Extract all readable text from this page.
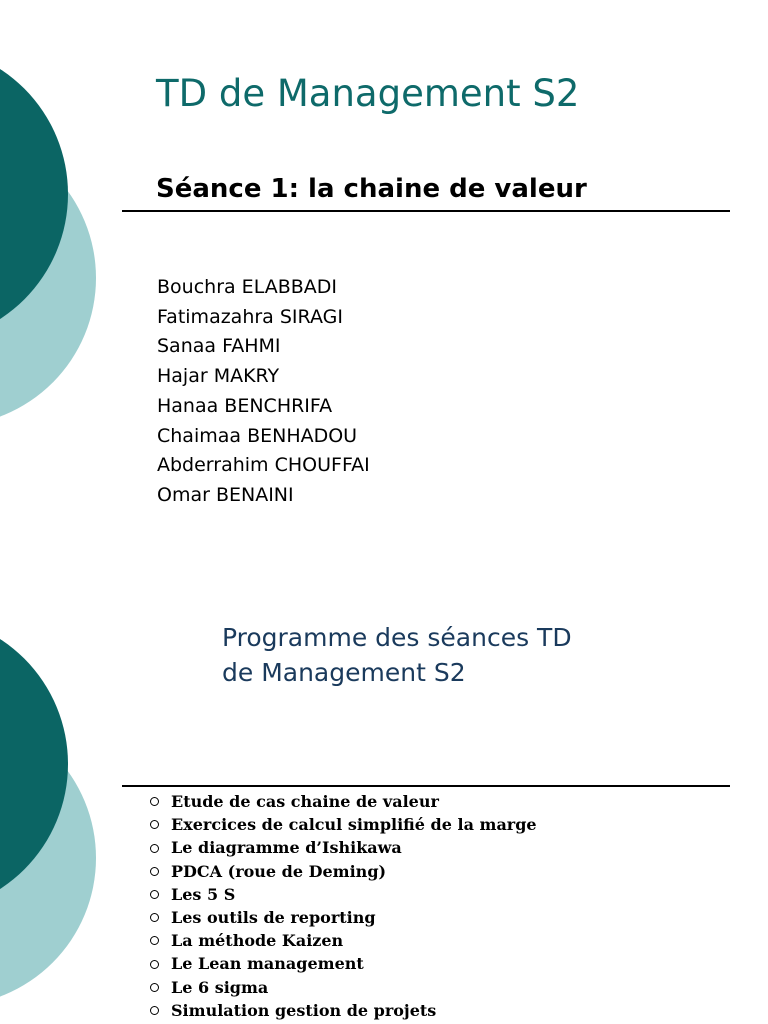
TD de Management S2
Séance 1: la chaine de valeur
Bouchra ELABBADI
Fatimazahra SIRAGI
Sanaa FAHMI
Hajar MAKRY
Hanaa BENCHRIFA
Chaimaa BENHADOU
Abderrahim CHOUFFAI
Omar BENAINI
Programme des séances TD
de Management S2
Etude de cas chaine de valeur
Exercices de calcul simplifié de la marge
Le diagramme d’Ishikawa
PDCA (roue de Deming)
Les 5 S
Les outils de reporting
La méthode Kaizen
Le Lean management
Le 6 sigma
Simulation gestion de projets
